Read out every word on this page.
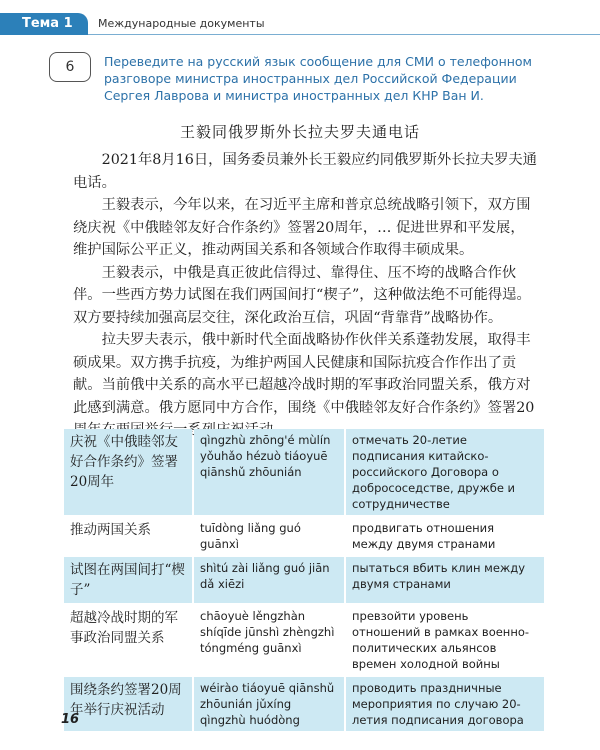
Тема 1 Международные документы
6	Переведите на русский язык сообщение для СМИ о телефонном разговоре министра иностранных дел Российской Федерации Сергея Лаврова и министра иностранных дел КНР Ван И.
王毅同俄罗斯外长拉夫罗夫通电话

2021年8月16日，国务委员兼外长王毅应约同俄罗斯外长拉夫罗夫通电话。

王毅表示，今年以来，在习近平主席和普京总统战略引领下，双方围绕庆祝《中俄睦邻友好合作条约》签署20周年，… 促进世界和平发展，维护国际公平正义，推动两国关系和各领域合作取得丰硕成果。

王毅表示，中俄是真正彼此信得过、靠得住、压不垮的战略合作伙伴。一些西方势力试图在我们两国间打“楔子”，这种做法绝不可能得逞。双方要持续加强高层交往，深化政治互信，巩固“背靠背”战略协作。

拉夫罗夫表示，俄中新时代全面战略协作伙伴关系蓬勃发展，取得丰硕成果。双方携手抗疫，为维护两国人民健康和国际抗疫合作作出了贡献。当前俄中关系的高水平已超越冷战时期的军事政治同盟关系，俄方对此感到满意。俄方愿同中方合作，围绕《中俄睦邻友好合作条约》签署20

庆祝《中俄睦邻友好合作条约》签署20周年
qìngzhù zhōng'é mùlín yǒuhǎo hézuò tiáoyuē qiānshǔ zhōunián
отмечать 20-летие подписания китайско-российского Договора о добрососедстве, дружбе и сотрудничестве
推动两国关系	tuīdòng liǎng guó guānxì
продвигать отношения между двумя странами
试图在两国间打“楔子”
shìtú zài liǎng guó jiān dǎ xiēzi
пытаться вбить клин между двумя странами
超越冷战时期的军事政治同盟关系
chāoyuè lěngzhàn shíqīde jūnshì zhèngzhì tóngméng guānxì
превзойти уровень отношений в рамках военно-политических альянсов времен холодной войны
围绕条约签署20周年举行庆祝活动
wéirào tiáoyuē qiānshǔ zhōunián jǔxíng qìngzhù huódòng
проводить праздничные мероприятия по случаю 20-летия подписания договора
16
